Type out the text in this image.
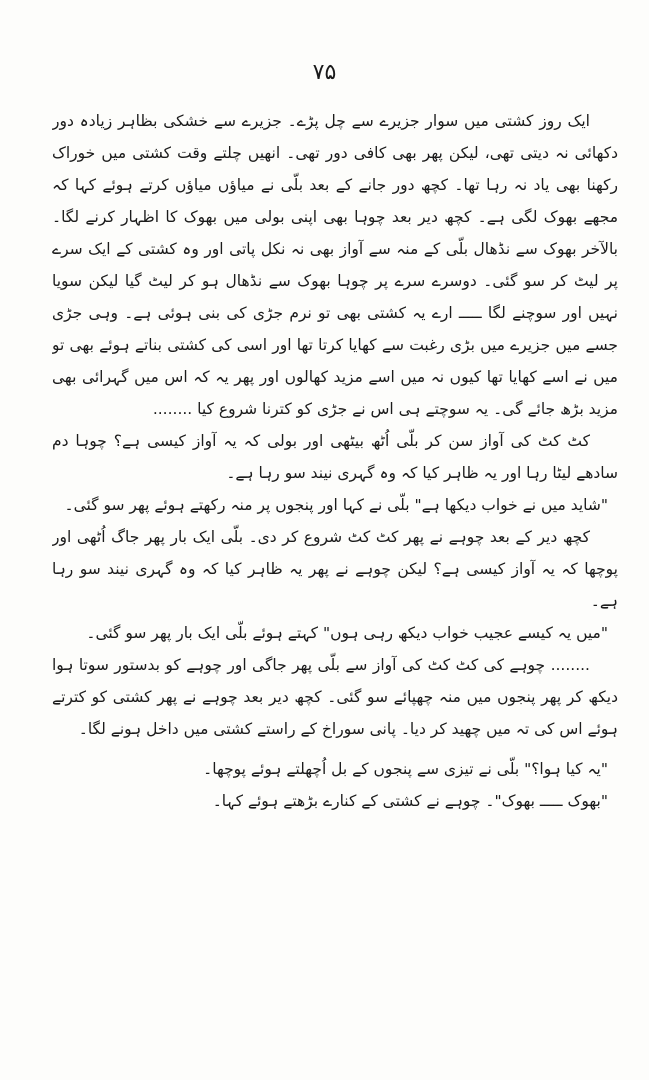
۷۵

ایک روز کشتی میں سوار جزیرے سے چل پڑے۔ جزیرے سے خشکی بظاہر زیادہ دور دکھائی نہ دیتی تھی، لیکن پھر بھی کافی دور تھی۔ انھیں چلتے وقت کشتی میں خوراک رکھنا بھی یاد نہ رہا تھا۔ کچھ دور جانے کے بعد بلّی نے میاؤں میاؤں کرتے ہوئے کہا کہ مجھے بھوک لگی ہے۔ کچھ دیر بعد چوہا بھی اپنی بولی میں بھوک کا اظہار کرنے لگا۔ بالآخر بھوک سے نڈھال بلّی کے منہ سے آواز بھی نہ نکل پاتی اور وہ کشتی کے ایک سرے پر لیٹ کر سو گئی۔ دوسرے سرے پر چوہا بھوک سے نڈھال ہو کر لیٹ گیا لیکن سویا نہیں اور سوچنے لگا ـــــ ارے یہ کشتی بھی تو نرم جڑی کی بنی ہوئی ہے۔ وہی جڑی جسے میں جزیرے میں بڑی رغبت سے کھایا کرتا تھا اور اسی کی کشتی بناتے ہوئے بھی تو میں نے اسے کھایا تھا کیوں نہ میں اسے مزید کھالوں اور پھر یہ کہ اس میں گہرائی بھی مزید بڑھ جائے گی۔ یہ سوچتے ہی اس نے جڑی کو کترنا شروع کیا ........

کٹ کٹ کی آواز سن کر بلّی اُٹھ بیٹھی اور بولی کہ یہ آواز کیسی ہے؟ چوہا دم سادھے لیٹا رہا اور یہ ظاہر کیا کہ وہ گہری نیند سو رہا ہے۔

"شاید میں نے خواب دیکھا ہے" بلّی نے کہا اور پنجوں پر منہ رکھتے ہوئے پھر سو گئی۔

کچھ دیر کے بعد چوہے نے پھر کٹ کٹ شروع کر دی۔ بلّی ایک بار پھر جاگ اُٹھی اور پوچھا کہ یہ آواز کیسی ہے؟ لیکن چوہے نے پھر یہ ظاہر کیا کہ وہ گہری نیند سو رہا ہے۔

"میں یہ کیسے عجیب خواب دیکھ رہی ہوں" کہتے ہوئے بلّی ایک بار پھر سو گئی۔

........ چوہے کی کٹ کٹ کی آواز سے بلّی پھر جاگی اور چوہے کو بدستور سوتا ہوا دیکھ کر پھر پنجوں میں منہ چھپائے سو گئی۔ کچھ دیر بعد چوہے نے پھر کشتی کو کترتے ہوئے اس کی تہ میں چھید کر دیا۔ پانی سوراخ کے راستے کشتی میں داخل ہونے لگا۔

"یہ کیا ہوا؟" بلّی نے تیزی سے پنجوں کے بل اُچھلتے ہوئے پوچھا۔

"بھوک ـــــ بھوک"۔ چوہے نے کشتی کے کنارے بڑھتے ہوئے کہا۔
